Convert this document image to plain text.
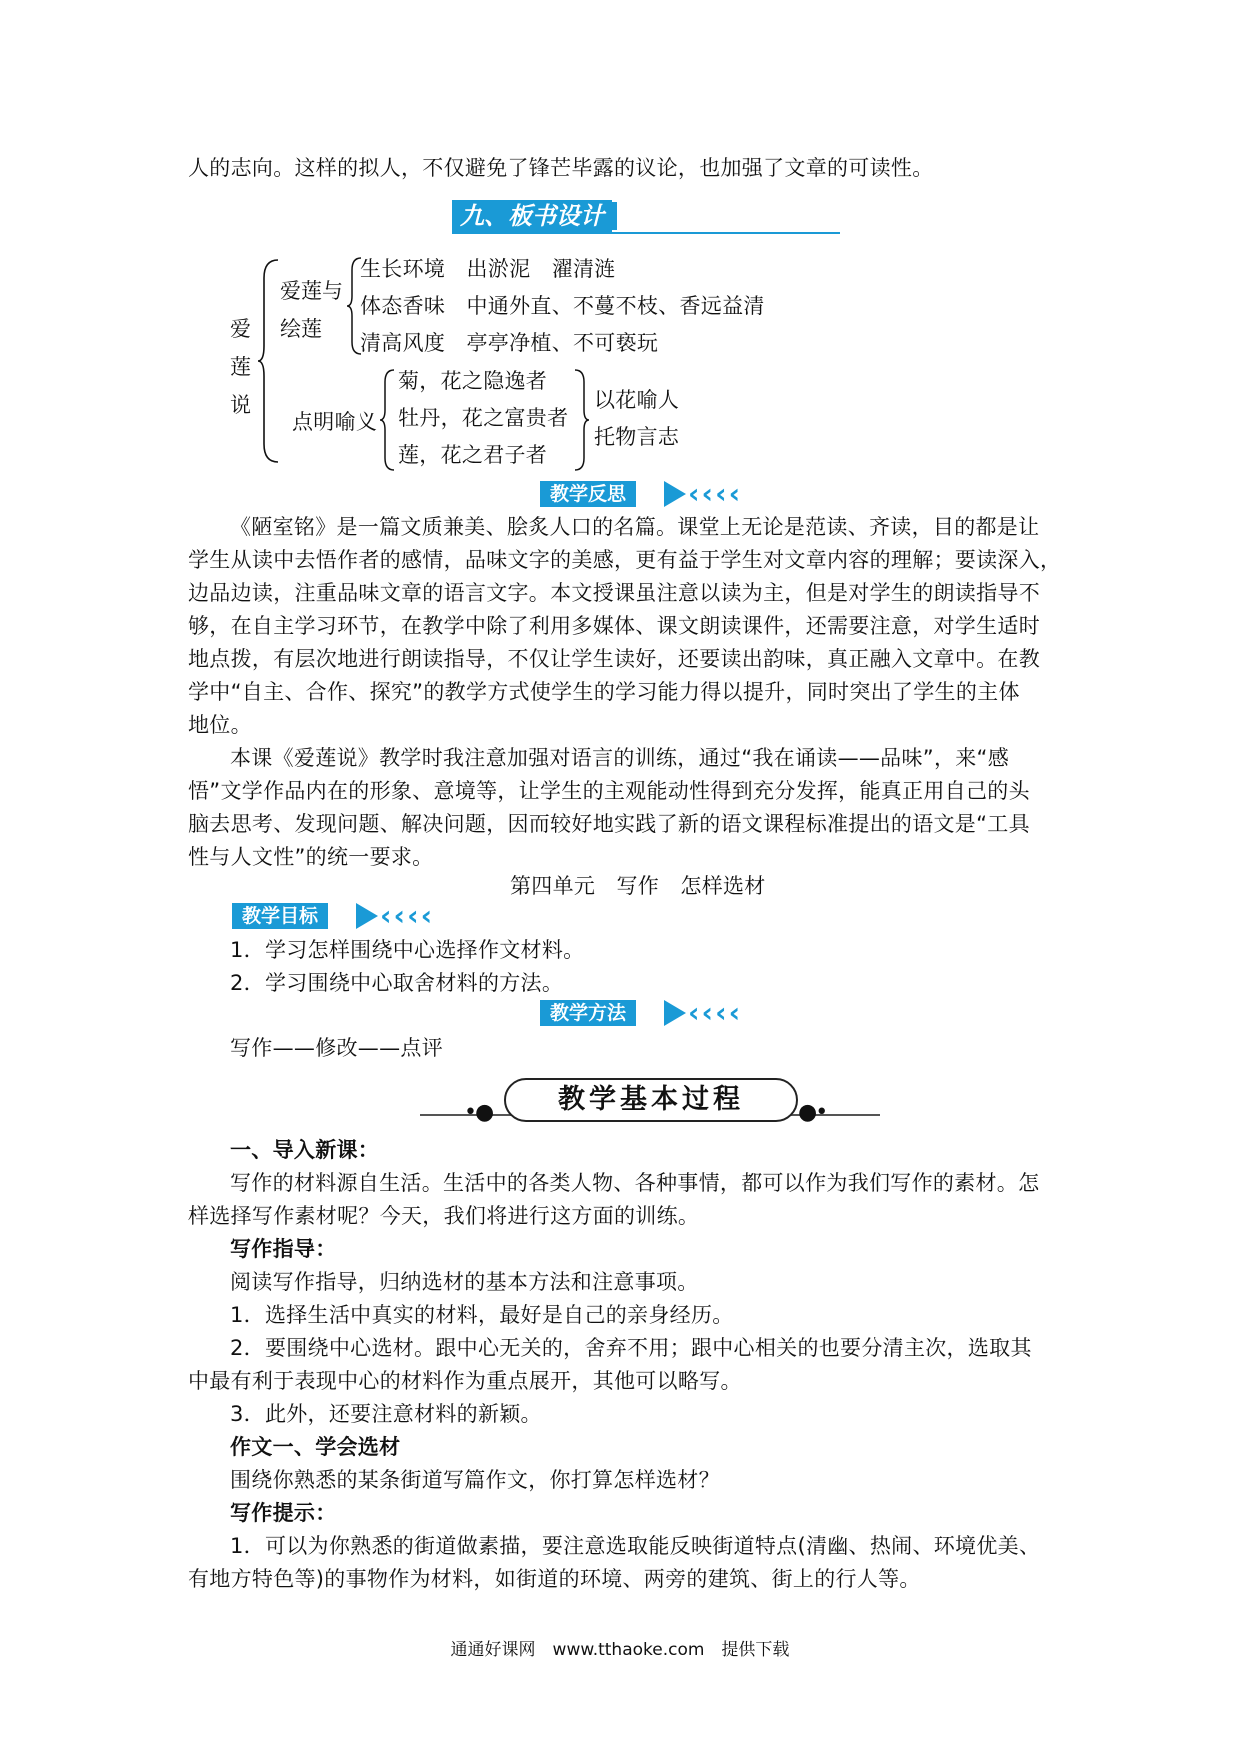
人的志向。这样的拟人，不仅避免了锋芒毕露的议论，也加强了文章的可读性。
九、板书设计
爱莲说
爱莲与绘莲
生长环境　出淤泥　濯清涟
体态香味　中通外直、不蔓不枝、香远益清
清高风度　亭亭净植、不可亵玩
点明喻义
菊，花之隐逸者
牡丹，花之富贵者
莲，花之君子者
以花喻人
托物言志
教学反思	‹‹‹‹
《陋室铭》是一篇文质兼美、脍炙人口的名篇。课堂上无论是范读、齐读，目的都是让
学生从读中去悟作者的感情，品味文字的美感，更有益于学生对文章内容的理解；要读深入，
边品边读，注重品味文章的语言文字。本文授课虽注意以读为主，但是对学生的朗读指导不
够，在自主学习环节，在教学中除了利用多媒体、课文朗读课件，还需要注意，对学生适时
地点拨，有层次地进行朗读指导，不仅让学生读好，还要读出韵味，真正融入文章中。在教
学中“自主、合作、探究”的教学方式使学生的学习能力得以提升，同时突出了学生的主体
地位。
本课《爱莲说》教学时我注意加强对语言的训练，通过“我在诵读——品味”，来“感
悟”文学作品内在的形象、意境等，让学生的主观能动性得到充分发挥，能真正用自己的头
脑去思考、发现问题、解决问题，因而较好地实践了新的语文课程标准提出的语文是“工具
性与人文性”的统一要求。
第四单元　写作　怎样选材
教学目标	‹‹‹‹
1．学习怎样围绕中心选择作文材料。
2．学习围绕中心取舍材料的方法。
教学方法	‹‹‹‹
写作——修改——点评
•●	●•
教学基本过程
一、导入新课：
写作的材料源自生活。生活中的各类人物、各种事情，都可以作为我们写作的素材。怎
样选择写作素材呢？今天，我们将进行这方面的训练。
写作指导：
阅读写作指导，归纳选材的基本方法和注意事项。
1．选择生活中真实的材料，最好是自己的亲身经历。
2．要围绕中心选材。跟中心无关的，舍弃不用；跟中心相关的也要分清主次，选取其
中最有利于表现中心的材料作为重点展开，其他可以略写。
3．此外，还要注意材料的新颖。
作文一、学会选材
围绕你熟悉的某条街道写篇作文，你打算怎样选材？
写作提示：
1．可以为你熟悉的街道做素描，要注意选取能反映街道特点(清幽、热闹、环境优美、
有地方特色等)的事物作为材料，如街道的环境、两旁的建筑、街上的行人等。
通通好课网　www.tthaoke.com　提供下载
